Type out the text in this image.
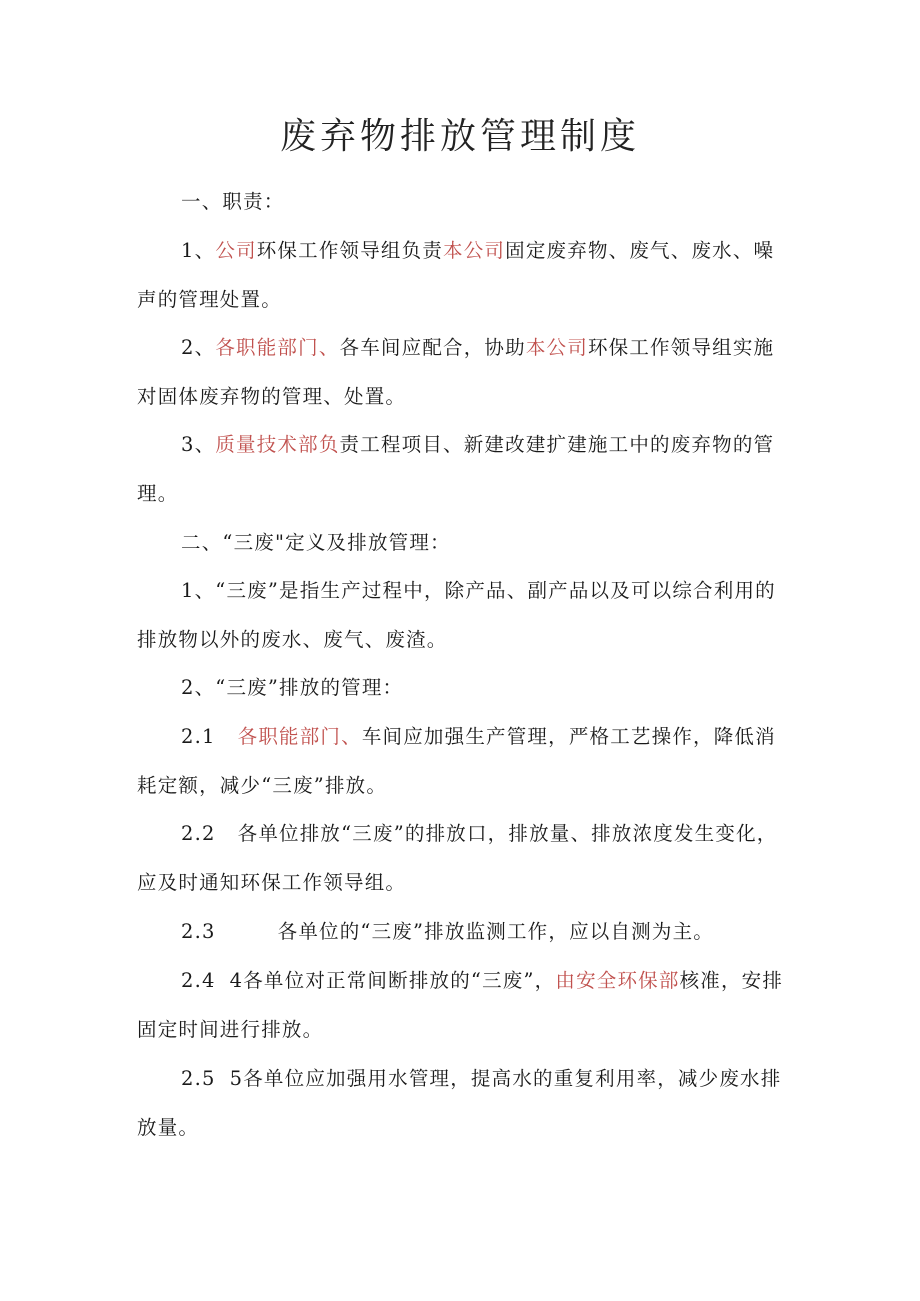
废弃物排放管理制度
一、职责：
1、公司环保工作领导组负责本公司固定废弃物、废气、废水、噪声的管理处置。
2、各职能部门、各车间应配合，协助本公司环保工作领导组实施对固体废弃物的管理、处置。
3、质量技术部负责工程项目、新建改建扩建施工中的废弃物的管理。
二、“三废"定义及排放管理：
1、“三废”是指生产过程中，除产品、副产品以及可以综合利用的排放物以外的废水、废气、废渣。
2、“三废”排放的管理：
2.1 各职能部门、车间应加强生产管理，严格工艺操作，降低消耗定额，减少“三废”排放。
2.2 各单位排放“三废”的排放口，排放量、排放浓度发生变化，应及时通知环保工作领导组。
2.3	各单位的“三废”排放监测工作，应以自测为主。
2.4 4各单位对正常间断排放的“三废”，由安全环保部核准，安排固定时间进行排放。
2.5 5各单位应加强用水管理，提高水的重复利用率，减少废水排放量。
